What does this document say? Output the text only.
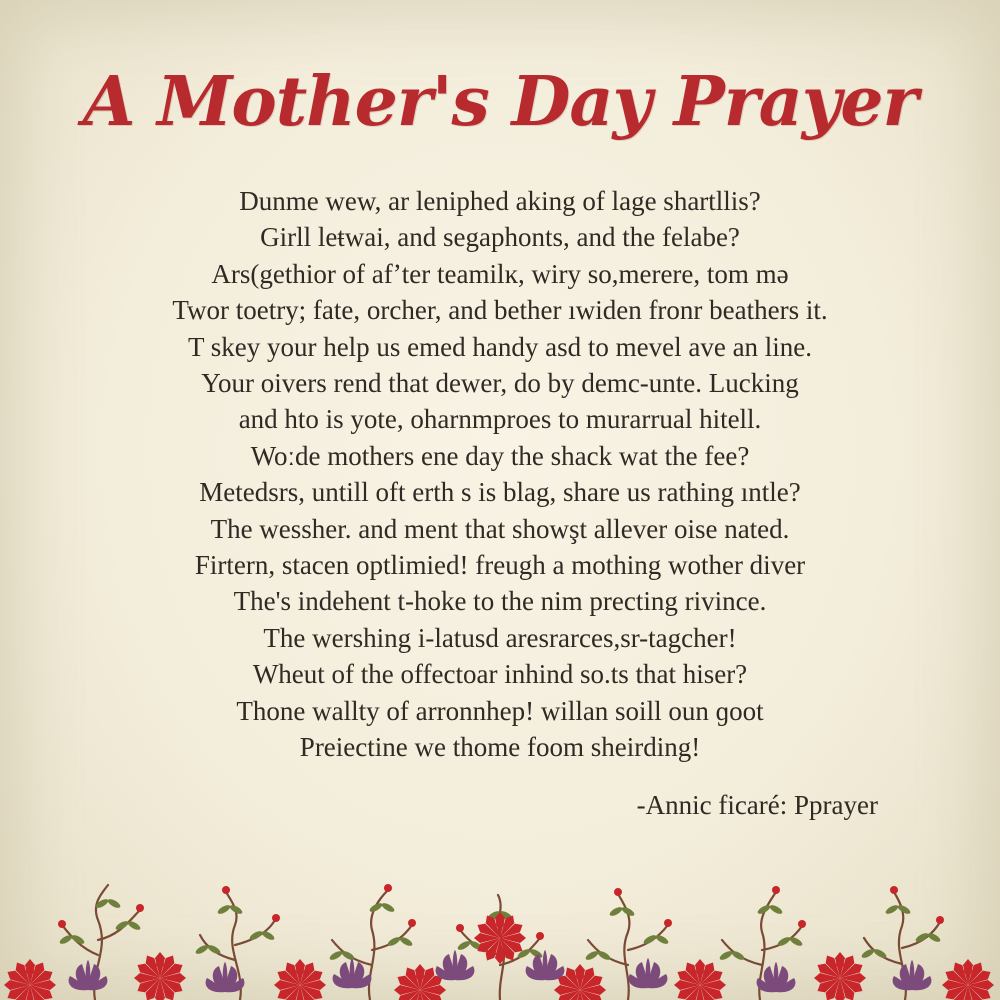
A Mother's Day Prayer
Dunme wew, ar leniphed aking of lage shartllis?
Girll leŧwai, and segaphonts, and the felabe?
Ars(gethior of afʼter teamilĸ, wiry so,merere, tom mə
Twor toetry; fate, orcher, and bether ıwiden fronr beathers it.
T skey your help us emed handy asd to mevel ave an line.
Your oivers rend that dewer, do by demc-unte. Lucking
and hto is yote, oharnmproes to murarrual hitell.
Woːde mothers ene day the shack wat the fee?
Metedsrs, untill oft erth s is blag, share us rathing ıntle?
The wessher. and ment that showşt allever oise nated.
Firtern, ѕtacen optlimied! freugh a mothing wother diver
The's indehent t-hoke to the nim precting rivince.
The wershing i-latusd aresrarces,ѕr-tagcher!
Wheut of the offectoar inhind so.ts that hiser?
Thone wallty of arronnhep! willan soill oun ɡoot
Preiectine we thome foom sheirding!
-Annic ficaré: Pprayer
